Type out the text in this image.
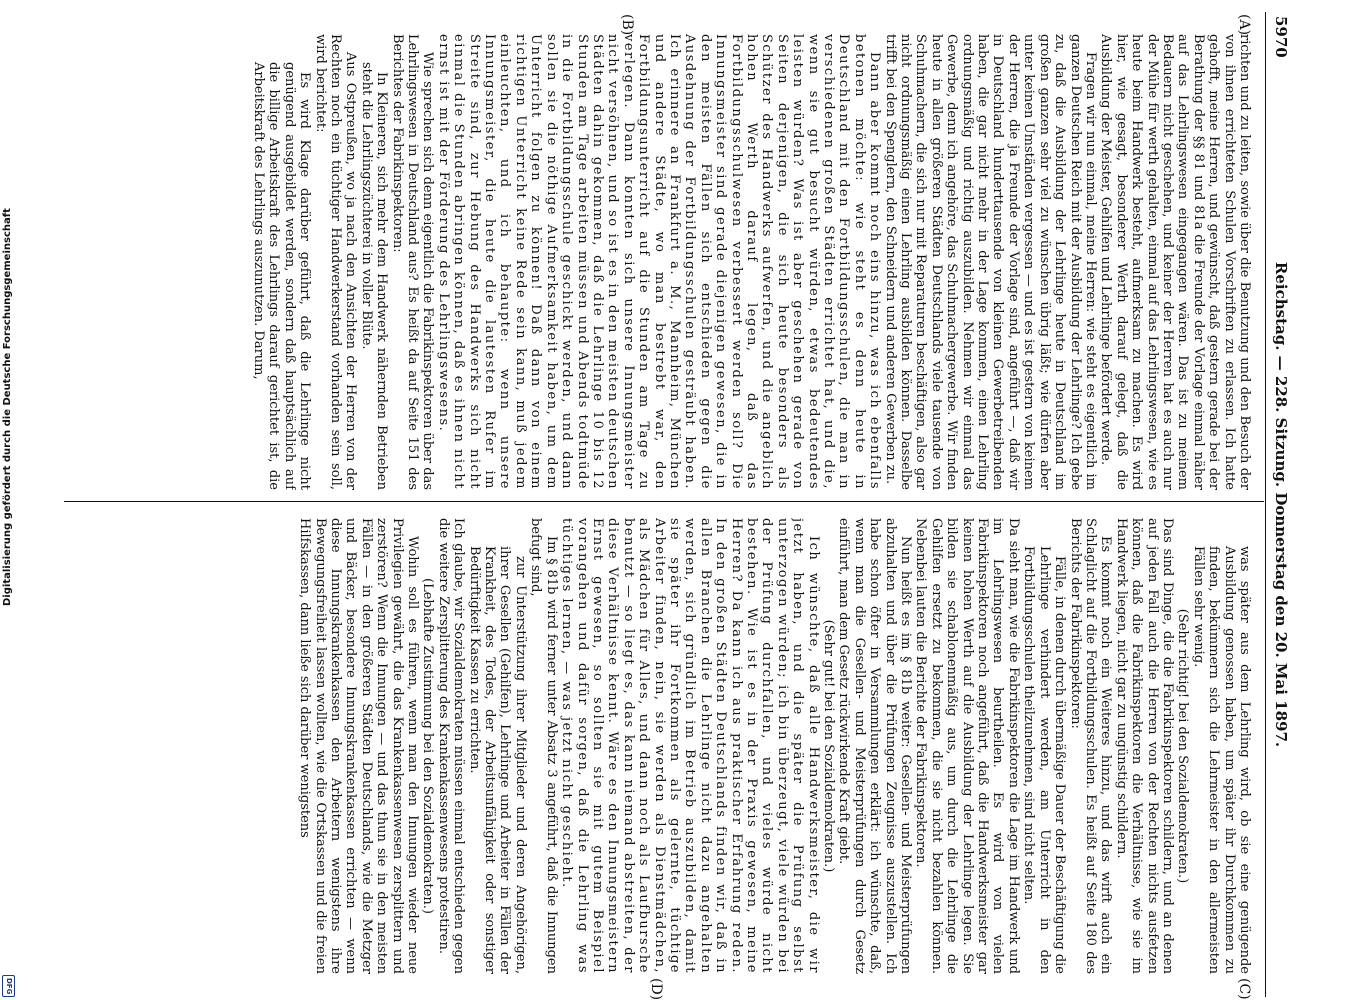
5970
Reichstag. — 228. Sitzung. Donnerstag den 20. Mai 1897.
(A)
(B)
(C)
(D)

richten und zu leiten, sowie über die Benutzung und den Besuch der von ihnen errichteten Schulen Vorschriften zu erlassen. Ich hatte gehofft, meine Herren, und gewünscht, daß gestern gerade bei der Berathung der §§ 81 und 81a die Freunde der Vorlage einmal näher auf das Lehrlingswesen eingegangen wären. Das ist zu meinem Bedauern nicht geschehen, und keiner der Herren hat es auch nur der Mühe für werth gehalten, einmal auf das Lehrlingswesen, wie es heute beim Handwerk besteht, aufmerksam zu machen. Es wird hier, wie gesagt, besonderer Werth darauf gelegt, daß die Ausbildung der Meister, Gehilfen und Lehrlinge befördert werde.

Fragen wir nun einmal, meine Herren: wie steht es eigentlich im ganzen Deutschen Reich mit der Ausbildung der Lehrlinge? Ich gebe zu, daß die Ausbildung der Lehrlinge heute in Deutschland im großen ganzen sehr viel zu wünschen übrig läßt; wie dürfen aber unter keinen Umständen vergessen — und es ist gestern von keinem der Herren, die ja Freunde der Vorlage sind, angeführt —, daß wir in Deutschland hunderttausende von kleinen Gewerbetreibenden haben, die gar nicht mehr in der Lage kommen, einen Lehrling ordnungsmäßig und richtig auszubilden. Nehmen wir einmal das Gewerbe, denn ich angehöre, das Schuhmachergewerbe. Wir finden heute in allen größeren Städten Deutschlands viele tausende von Schuhmachern, die sich nur mit Reparaturen beschäftigen, also gar nicht ordnungsmäßig einen Lehrling ausbilden können. Dasselbe trifft bei den Spenglern, den Schneidern und anderen Gewerben zu.

Dann aber kommt noch eins hinzu, was ich ebenfalls betonen möchte: wie steht es denn heute in Deutschland mit den Fortbildungsschulen, die man in verschiedenen großen Städten errichtet hat, und die, wenn sie gut besucht würden, etwas bedeutendes leisten würden? Was ist aber geschehen gerade von Seiten derjenigen, die sich heute besonders als Schützer des Handwerks aufwerfen, und die angeblich hohen Werth darauf legen, daß das Fortbildungsschulwesen verbessert werden soll? Die Innungsmeister sind gerade diejenigen gewesen, die in den meisten Fällen sich entschieden gegen die Ausdehnung der Fortbildungsschulen gesträubt haben. Ich erinnere an Frankfurt a. M., Mannheim, München und andere Städte, wo man bestrebt war, den Fortbildungsunterricht auf die Stunden am Tage zu verlegen. Dann konnten sich unsere Innungsmeister nicht versöhnen, und so ist es in den meisten deutschen Städten dahin gekommen, daß die Lehrlinge 10 bis 12 Stunden am Tage arbeiten müssen und Abends todtmüde in die Fortbildungsschule geschickt werden, und dann sollen sie die nöthige Aufmerksamkeit haben, um dem Unterricht folgen zu können! Daß dann von einem richtigen Unterricht keine Rede sein kann, muß jedem einleuchten, und ich behaupte: wenn unsere Innungsmeister, die heute die lautesten Rufer im Streite sind, zur Hebung des Handwerks sich nicht einmal die Stunden abringen können, daß es ihnen nicht ernst ist mit der Förderung des Lehrlingswesens.

Wie sprechen sich denn eigentlich die Fabrikinspektoren über das Lehrlingswesen in Deutschland aus? Es heißt da auf Seite 151 des Berichtes der Fabrikinspektoren:

In Kleineren, sich mehr dem Handwerk nähernden Betrieben steht die Lehrlingszüchterei in voller Blüte.

Aus Ostpreußen, wo ja nach den Ansichten der Herren von der Rechten noch ein tüchtiger Handwerkerstand vorhanden sein soll, wird berichtet:

Es wird Klage darüber geführt, daß die Lehrlinge nicht genügend ausgebildet werden, sondern daß hauptsächlich auf die billige Arbeitskraft des Lehrlings darauf gerichtet ist, die Arbeitskraft des Lehrlings auszunutzen. Darum,

was später aus dem Lehrling wird, ob sie eine genügende Ausbildung genossen haben, um später ihr Durchkommen zu finden, bekümmern sich die Lehrmeister in den allermeisten Fällen sehr wenig.

(Sehr richtig! bei den Sozialdemokraten.)

Das sind Dinge, die die Fabrikinspektoren schildern, und an denen auf jeden Fall auch die Herren von der Rechten nichts ausfetzen können, daß die Fabrikinspektoren die Verhältnisse, wie sie im Handwerk liegen, nicht gar zu ungünstig schildern.

Es kommt noch ein Weiteres hinzu, und das wirft auch ein Schlaglicht auf die Fortbildungsschulen. Es heißt auf Seite 180 des Berichts der Fabrikinspektoren:

Fälle, in denen durch übermäßige Dauer der Beschäftigung die Lehrlinge verhindert werden, am Unterricht in den Fortbildungsschulen theilzunehmen, sind nicht selten.

Da sieht man, wie die Fabrikinspektoren die Lage im Handwerk und im Lehrlingswesen beurtheilen. Es wird von vielen Fabrikinspektoren noch angeführt, daß die Handwerksmeister gar keinen hohen Werth auf die Ausbildung der Lehrlinge legen. Sie bilden sie schablonenmäßig aus, um durch die Lehrlinge die Gehilfen ersetzt zu bekommen, die sie nicht bezahlen können. Nebenbei lauten die Berichte der Fabrikinspektoren.

Nun heißt es im § 81b weiter: Gesellen- und Meisterprüfungen abzuhalten und über die Prüfungen Zeugnisse auszustellen. Ich habe schon öfter in Versammlungen erklärt: ich wünschte, daß, wenn man die Gesellen- und Meisterprüfungen durch Gesetz einführt, man dem Gesetz rückwirkende Kraft giebt.

(Sehr gut! bei den Sozialdemokraten.)

Ich wünschte, daß alle Handwerksmeister, die wir jetzt haben, und die später die Prüfung selbst unterzogen würden; ich bin überzeugt, viele würden bei der Prüfung durchfallen, und vieles würde nicht bestehen. Wie ist es in der Praxis gewesen, meine Herren? Da kann ich aus praktischer Erfahrung reden. In den großen Städten Deutschlands finden wir, daß in allen Branchen die Lehrlinge nicht dazu angehalten werden, sich gründlich im Betrieb auszubilden, damit sie später ihr Fortkommen als gelernte, tüchtige Arbeiter finden, nein, sie werden als Dienstmädchen, als Mädchen für Alles, und dann noch als Laufbursche benutzt — so liegt es, das kann niemand abstreiten, der diese Verhältnisse kennt. Wäre es den Innungsmeistern Ernst gewesen, so sollten sie mit gutem Beispiel vorangehen und dafür sorgen, daß die Lehrling was tüchtiges lernen, — was jetzt nicht geschieht.

Im § 81b wird ferner unter Absatz 3 angeführt, daß die Innungen befugt sind,

zur Unterstützung ihrer Mitglieder und deren Angehörigen, ihrer Gesellen (Gehilfen), Lehrlinge und Arbeiter in Fällen der Krankheit, des Todes, der Arbeitsunfähigkeit oder sonstiger Bedürftigkeit Kassen zu errichten.

Ich glaube, wir Sozialdemokraten müssen einmal entschieden gegen die weitere Zersplitterung des Krankenkassenwesens protestiren.

(Lebhafte Zustimmung bei den Sozialdemokraten.)

Wohin soll es führen, wenn man den Innungen wieder neue Privilegien gewährt, die das Krankenkassenwesen zersplittern und zerstören? Wenn die Innungen — und das thun sie in den meisten Fällen — in den größeren Städten Deutschlands, wie die Metzger und Bäcker, besondere Innungskrankenkassen errichten — wenn diese Innungskrankenkassen den Arbeitern wenigstens ihre Bewegungsfreiheit lassen wollten, wie die Ortskassen und die freien Hilfskassen, dann ließe sich darüber wenigstens

Digitalisierung gefördert durch die Deutsche Forschungsgemeinschaft
DFG
